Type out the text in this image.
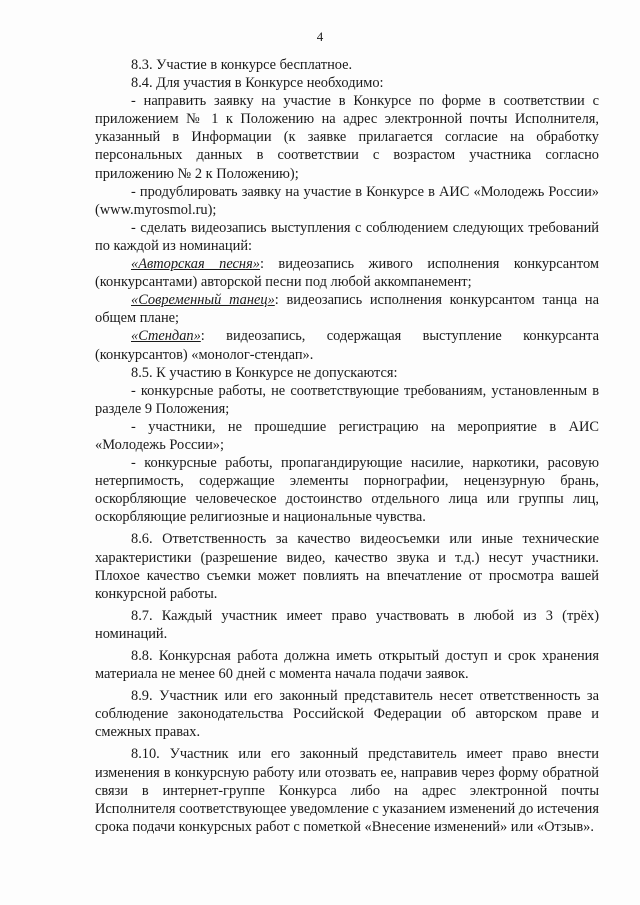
4

8.3. Участие в конкурсе бесплатное.

8.4. Для участия в Конкурсе необходимо:

- направить заявку на участие в Конкурсе по форме в соответствии с приложением № 1 к Положению на адрес электронной почты Исполнителя, указанный в Информации (к заявке прилагается согласие на обработку персональных данных в соответствии с возрастом участника согласно приложению № 2 к Положению);

- продублировать заявку на участие в Конкурсе в АИС «Молодежь России» (www.myrosmol.ru);

- сделать видеозапись выступления с соблюдением следующих требований по каждой из номинаций:

«Авторская песня»: видеозапись живого исполнения конкурсантом (конкурсантами) авторской песни под любой аккомпанемент;

«Современный танец»: видеозапись исполнения конкурсантом танца на общем плане;

«Стендап»: видеозапись, содержащая выступление конкурсанта (конкурсантов) «монолог-стендап».

8.5. К участию в Конкурсе не допускаются:

- конкурсные работы, не соответствующие требованиям, установленным в разделе 9 Положения;

- участники, не прошедшие регистрацию на мероприятие в АИС «Молодежь России»;

- конкурсные работы, пропагандирующие насилие, наркотики, расовую нетерпимость, содержащие элементы порнографии, нецензурную брань, оскорбляющие человеческое достоинство отдельного лица или группы лиц, оскорбляющие религиозные и национальные чувства.

8.6. Ответственность за качество видеосъемки или иные технические характеристики (разрешение видео, качество звука и т.д.) несут участники. Плохое качество съемки может повлиять на впечатление от просмотра вашей конкурсной работы.

8.7. Каждый участник имеет право участвовать в любой из 3 (трёх) номинаций.

8.8. Конкурсная работа должна иметь открытый доступ и срок хранения материала не менее 60 дней с момента начала подачи заявок.

8.9. Участник или его законный представитель несет ответственность за соблюдение законодательства Российской Федерации об авторском праве и смежных правах.

8.10. Участник или его законный представитель имеет право внести изменения в конкурсную работу или отозвать ее, направив через форму обратной связи в интернет-группе Конкурса либо на адрес электронной почты Исполнителя соответствующее уведомление с указанием изменений до истечения срока подачи конкурсных работ с пометкой «Внесение изменений» или «Отзыв».
